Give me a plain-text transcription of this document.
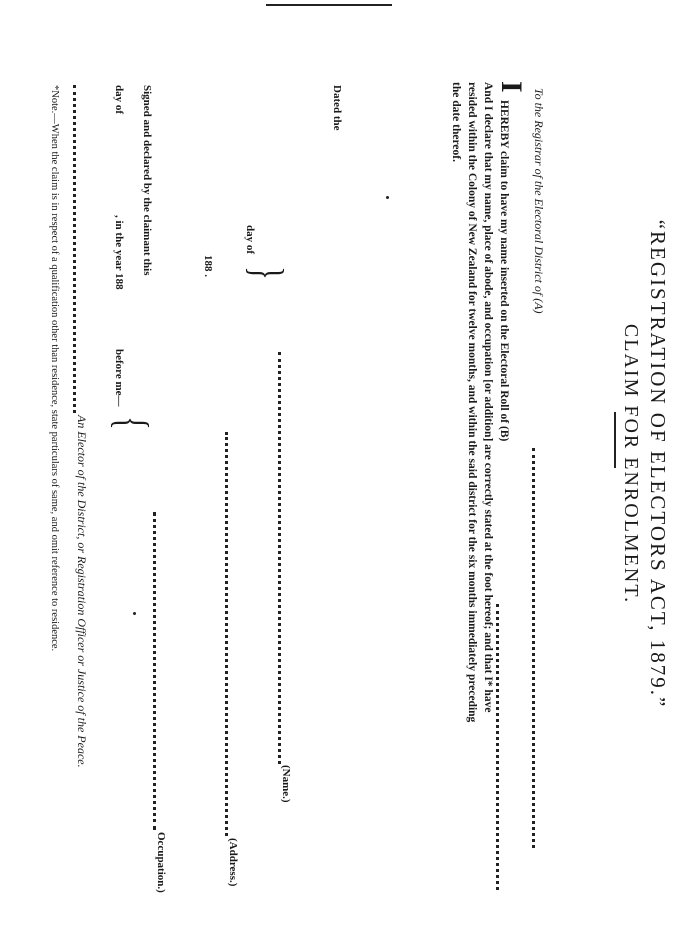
“REGISTRATION OF ELECTORS ACT, 1879.”
CLAIM FOR ENROLMENT.
To the Registrar of the Electoral District of (A)
I
HEREBY claim to have my name inserted on the Electoral Roll of (B)
And I declare that my name, place of abode, and occupation [or addition] are correctly stated at the foot hereof; and that I* have
resided within the Colony of New Zealand for twelve months, and within the said district for the six months immediately preceding
the date thereof.
Dated the
day of
188 . }
(Name.)
(Address.)
Signed and declared by the claimant this
day of
, in the year 188
before me—
{
Occupation.)
An Elector of the District, or Registration Officer or Justice of the Peace.
*Note.—When the claim is in respect of a qualification other than residence, state particulars of same, and omit reference to residence.
